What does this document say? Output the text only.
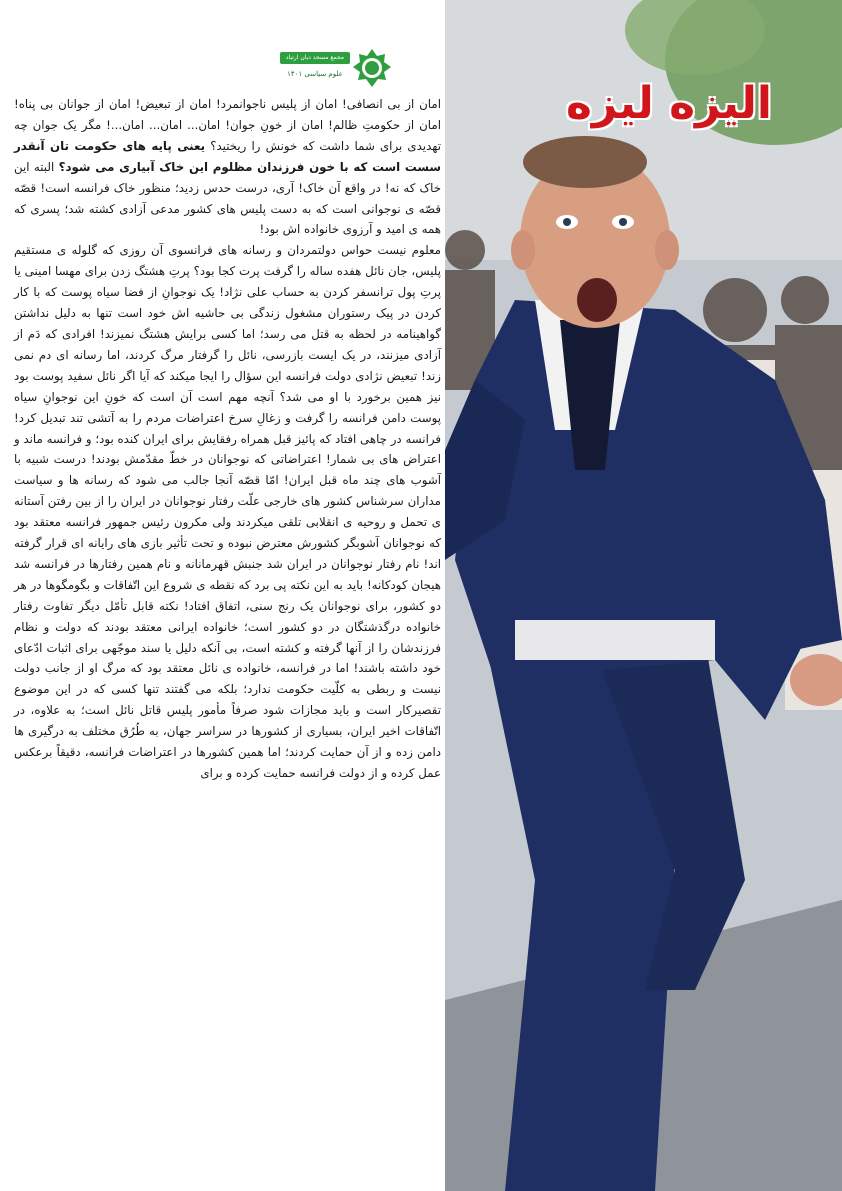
الیزه لیزه
مجمع مسجد دیان ارتیاد
علوم سیاسی ۱۴۰۱

امان از بی انصافی! امان از پلیس ناجوانمرد! امان از تبعیض! امان از جوانان بی پناه! امان از حکومتِ ظالم! امان از خونِ جوان! امان... امان... امان...! مگر یک جوان چه تهدیدی برای شما داشت که خونش را ریختید؟ یعنی پایه های حکومت تان آنقدر سست است که با خون فرزندان مظلوم این خاک آبیاری می شود؟ البته این خاک که نه! در واقع آن خاک! آری، درست حدس زدید؛ منظور خاک فرانسه است! قصّه قصّه ی نوجوانی است که به دست پلیس های کشور مدعی آزادی کشته شد؛ پسری که همه ی امید و آرزوی خانواده اش بود!

معلوم نیست حواس دولتمردان و رسانه های فرانسوی آن روزی که گلوله ی مستقیم پلیس، جان نائل هفده ساله را گرفت پرت کجا بود؟ پرتِ هشتگ زدن برای مهسا امینی یا پرتِ پول ترانسفر کردن به حساب علی نژاد! یک نوجوانِ از فضا سیاه پوست که با کار کردن در پیک رستوران مشغول زندگی بی حاشیه اش خود است تنها به دلیل نداشتن گواهینامه در لحظه به قتل می رسد؛ اما کسی برایش هشتگ نمیزند! افرادی که دَم از آزادی میزنند، در یک ایست بازرسی، نائل را گرفتار مرگ کردند، اما رسانه ای دم نمی زند! تبعیض نژادی دولت فرانسه این سؤال را ایجا میکند که آیا اگر نائل سفید پوست بود نیز همین برخورد با او می شد؟ آنچه مهم است آن است که خونِ این نوجوانِ سیاه پوست دامن فرانسه را گرفت و زغالِ سرخ اعتراضات مردم را به آتشی تند تبدیل کرد! فرانسه در چاهی افتاد که پائیز قبل همراه رفقایش برای ایران کنده بود؛ و فرانسه ماند و اعتراض های بی شمار! اعتراضاتی که نوجوانان در خطّ مقدّمش بودند! درست شبیه با آشوب های چند ماه قبل ایران! امّا قصّه آنجا جالب می شود که رسانه ها و سیاست مداران سرشناس کشور های خارجی علّت رفتار نوجوانان در ایران را از بین رفتن آستانه ی تحمل و روحیه ی انقلابی تلقی میکردند ولی مکرون رئیس جمهور فرانسه معتقد بود که نوجوانان آشوبگر کشورش معترض نبوده و تحت تأثیر بازی های رایانه ای قرار گرفته اند! نام رفتار نوجوانان در ایران شد جنبش قهرمانانه و نام همین رفتارها در فرانسه شد هیجان کودکانه! باید به این نکته پی برد که نقطه ی شروع این اتّفاقات و بگومگوها در هر دو کشور، برای نوجوانان یک رنج سنی، اتفاق افتاد! نکته قابل تأمّل دیگر تفاوت رفتار خانواده درگذشتگان در دو کشور است؛ خانواده ایرانی معتقد بودند که دولت و نظام فرزندشان را از آنها گرفته و کشته است، بی آنکه دلیل یا سند موجّهی برای اثبات ادّعای خود داشته باشند! اما در فرانسه، خانواده ی نائل معتقد بود که مرگ او از جانب دولت نیست و ربطی به کلّیت حکومت ندارد؛ بلکه می گفتند تنها کسی که در این موضوع تقصیرکار است و باید مجازات شود صرفاً مأمور پلیس قاتل نائل است؛ به علاوه، در اتّفاقات اخیر ایران، بسیاری از کشورها در سراسر جهان، به طُرُق مختلف به درگیری ها دامن زده و از آن حمایت کردند؛ اما همین کشورها در اعتراضات فرانسه، دقیقاً برعکس عمل کرده و از دولت فرانسه حمایت کرده و برای
